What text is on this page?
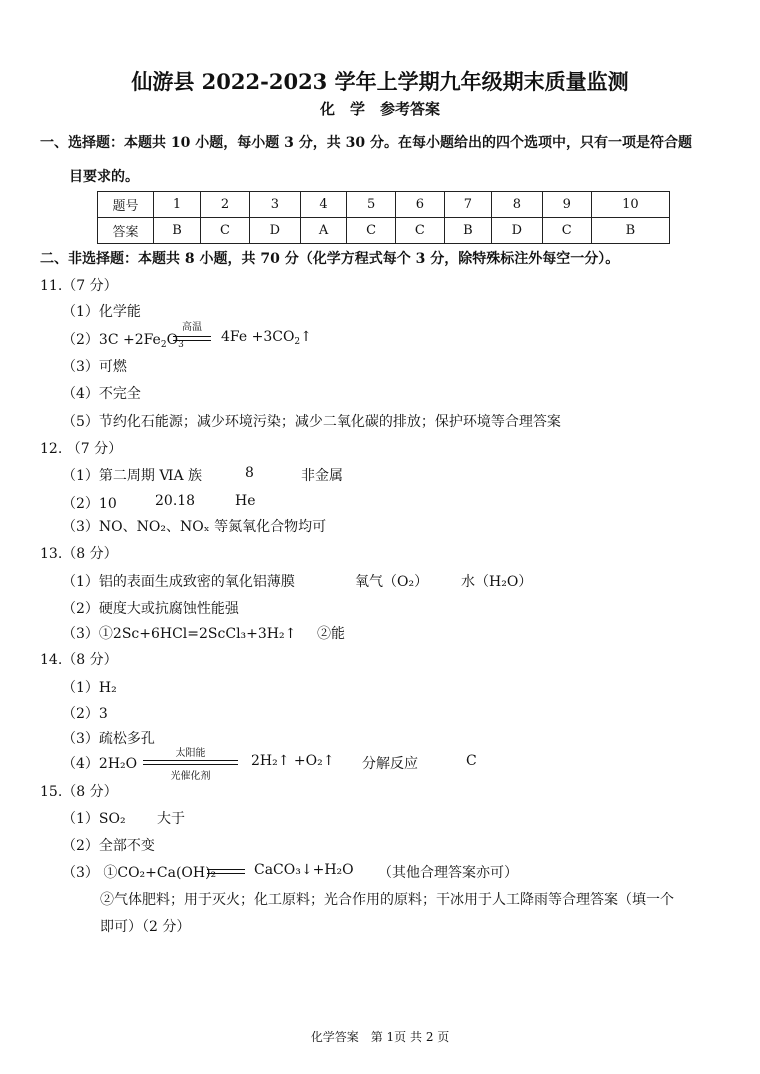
仙游县 2022-2023 学年上学期九年级期末质量监测
化　学　参考答案
一、选择题：本题共 10 小题，每小题 3 分，共 30 分。在每小题给出的四个选项中，只有一项是符合题
目要求的。
题号	1	2	3	4	5	6	7	8	9	10
答案	B	C	D	A	C	C	B	D	C	B
二、非选择题：本题共 8 小题，共 70 分（化学方程式每个 3 分，除特殊标注外每空一分）。
11.（7 分）
（1）化学能
$(2)3C +2Fe_2O_3$
高温
$4Fe +3CO_2↑$
（3）可燃
（4）不完全
（5）节约化石能源；减少环境污染；减少二氧化碳的排放；保护环境等合理答案
12. （7 分）
（1）第二周期 ⅥA 族	8	非金属
（2）10	20.18	He
（3）NO、NO₂、NOₓ 等氮氧化合物均可
13.（8 分）
（1）铝的表面生成致密的氧化铝薄膜	氧气（O₂） 水（H₂O）
（2）硬度大或抗腐蚀性能强
（3）①2Sc+6HCl=2ScCl₃+3H₂↑ ②能
14.（8 分）
（1）H₂
（2）3
（3）疏松多孔
（4）2H₂O
太阳能
光催化剂
2H₂↑ +O₂↑ 分解反应	C
15.（8 分）
（1）SO₂ 大于
（2）全部不变
（3） ①CO₂+Ca(OH)₂	CaCO₃↓+H₂O （其他合理答案亦可）
②气体肥料；用于灭火；化工原料；光合作用的原料；干冰用于人工降雨等合理答案（填一个
即可）（2 分）
化学答案　第 1页 共 2 页
